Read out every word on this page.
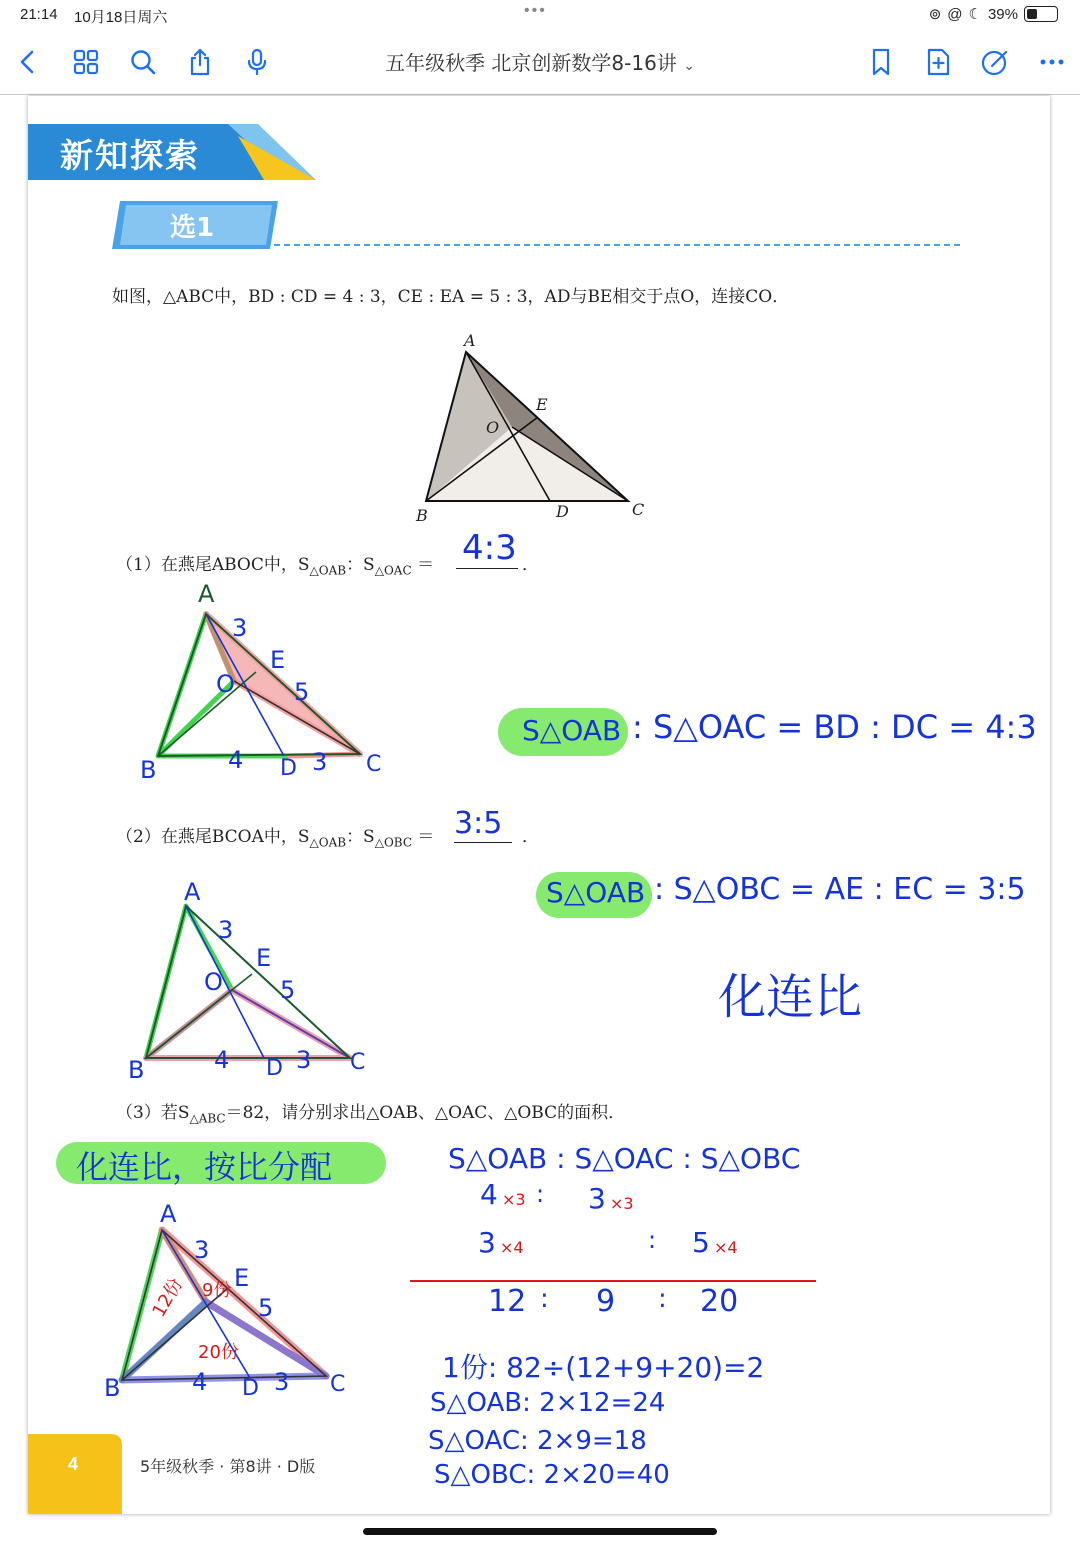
21:14 10月18日周六	•••	⊚ @ ☾ 39%
五年级秋季 北京创新数学8-16讲 ⌄
新知探索
选1
如图，△ABC中，BD : CD = 4 : 3，CE : EA = 5 : 3，AD与BE相交于点O，连接CO．
A
E
O
B	D	C
（1）在燕尾ABOC中，$S_{\triangle OAB}$：$S_{\triangle OAC}$ ＝ 4:3 ．
A
3
E
O 5
B	4 D 3 C
S△OAB : S△OAC = BD : DC = 4:3
（2）在燕尾BCOA中，$S_{\triangle OAB}$：$S_{\triangle OBC}$ ＝ 3:5 ．
S△OAB : S△OBC = AE : EC = 3:5
化连比
A
3
E
O 5
B	4 D 3 C
（3）若$S_{\triangle ABC}=82$，请分别求出△OAB、△OAC、△OBC的面积．
化连比，按比分配	S△OAB : S△OAC : S△OBC
4 ×3 : 3 ×3
3 ×4	: 5 ×4
12 : 9 : 20
A
3
E
5
12份 9份
20份
B	4 D 3 C
1份: 82÷(12+9+20)=2
S△OAB: 2×12=24
S△OAC: 2×9=18
S△OBC: 2×20=40
4	5年级秋季 · 第8讲 · D版
